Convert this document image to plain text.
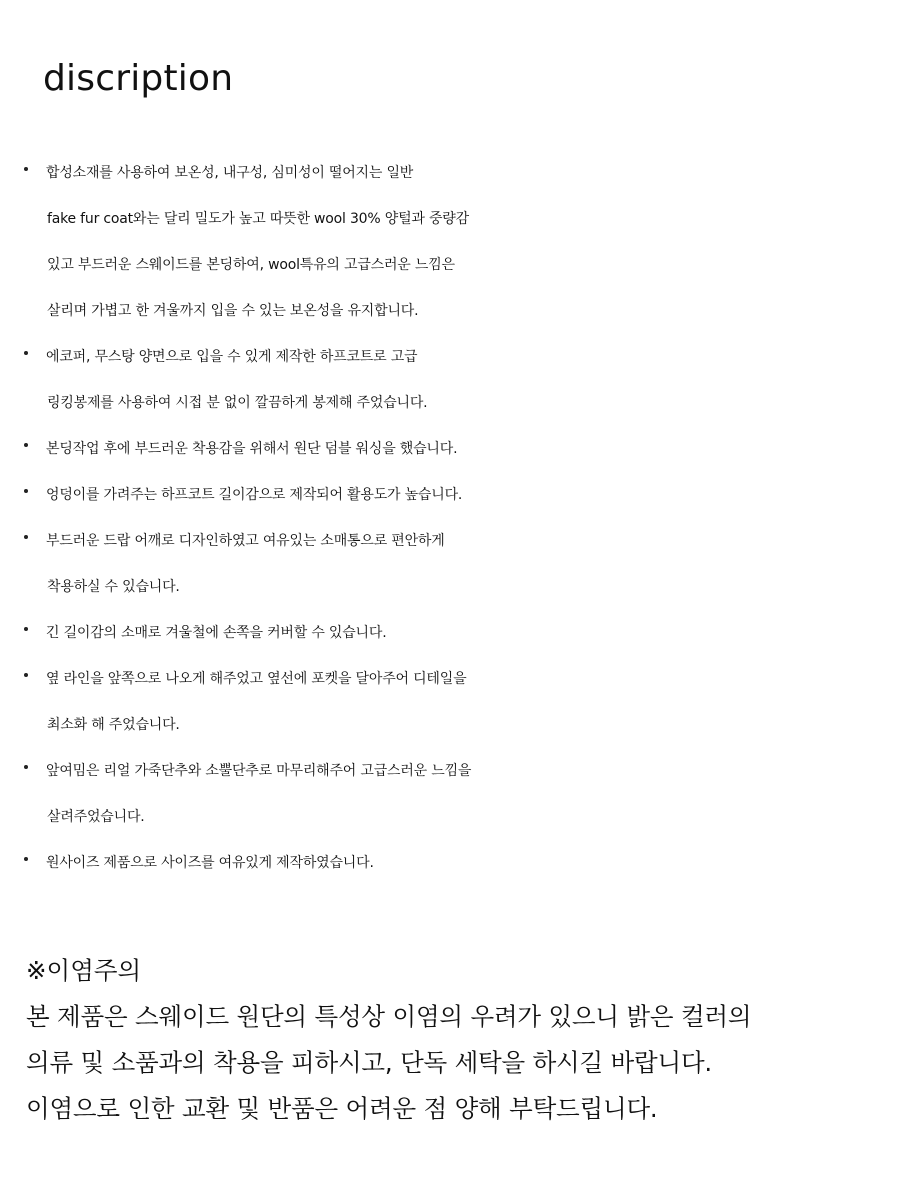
discription
합성소재를 사용하여 보온성, 내구성, 심미성이 떨어지는 일반
fake fur coat와는 달리 밀도가 높고 따뜻한 wool 30% 양털과 중량감
있고 부드러운 스웨이드를 본딩하여, wool특유의 고급스러운 느낌은
살리며 가볍고 한 겨울까지 입을 수 있는 보온성을 유지합니다.
에코퍼, 무스탕 양면으로 입을 수 있게 제작한 하프코트로 고급
링킹봉제를 사용하여 시접 분 없이 깔끔하게 봉제해 주었습니다.
본딩작업 후에 부드러운 착용감을 위해서 원단 덤블 워싱을 했습니다.
엉덩이를 가려주는 하프코트 길이감으로 제작되어 활용도가 높습니다.
부드러운 드랍 어깨로 디자인하였고 여유있는 소매통으로 편안하게
착용하실 수 있습니다.
긴 길이감의 소매로 겨울철에 손쪽을 커버할 수 있습니다.
옆 라인을 앞쪽으로 나오게 해주었고 옆선에 포켓을 달아주어 디테일을
최소화 해 주었습니다.
앞여밈은 리얼 가죽단추와 소뿔단추로 마무리해주어 고급스러운 느낌을
살려주었습니다.
원사이즈 제품으로 사이즈를 여유있게 제작하였습니다.
※이염주의
본 제품은 스웨이드 원단의 특성상 이염의 우려가 있으니 밝은 컬러의
의류 및 소품과의 착용을 피하시고, 단독 세탁을 하시길 바랍니다.
이염으로 인한 교환 및 반품은 어려운 점 양해 부탁드립니다.
